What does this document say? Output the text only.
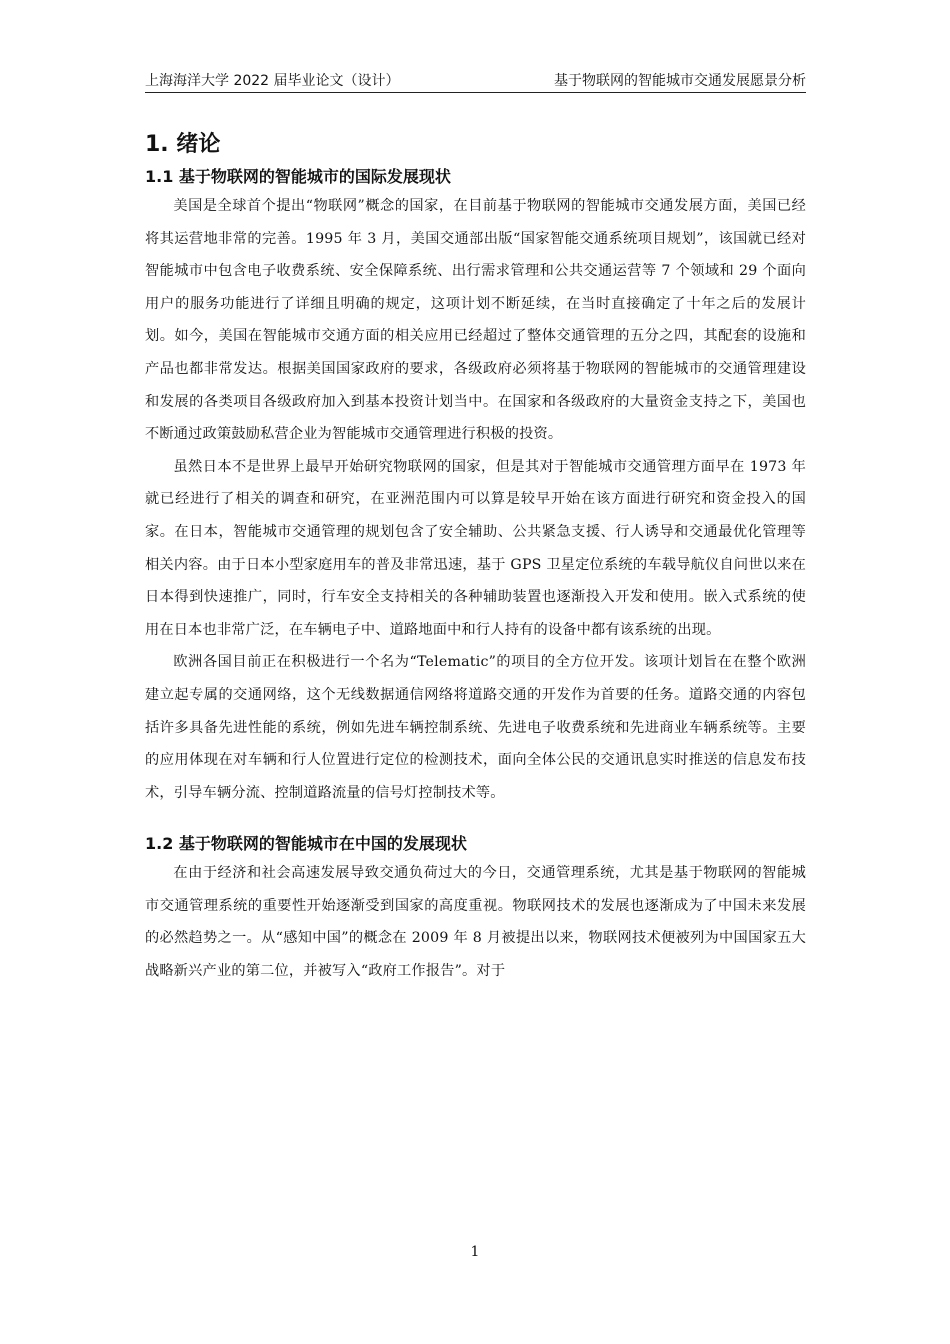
上海海洋大学 2022 届毕业论文（设计）	基于物联网的智能城市交通发展愿景分析
1. 绪论
1.1 基于物联网的智能城市的国际发展现状

美国是全球首个提出“物联网”概念的国家，在目前基于物联网的智能城市交通发展方面，美国已经将其运营地非常的完善。1995 年 3 月，美国交通部出版“国家智能交通系统项目规划”，该国就已经对智能城市中包含电子收费系统、安全保障系统、出行需求管理和公共交通运营等 7 个领域和 29 个面向用户的服务功能进行了详细且明确的规定，这项计划不断延续，在当时直接确定了十年之后的发展计划。如今，美国在智能城市交通方面的相关应用已经超过了整体交通管理的五分之四，其配套的设施和产品也都非常发达。根据美国国家政府的要求，各级政府必须将基于物联网的智能城市的交通管理建设和发展的各类项目各级政府加入到基本投资计划当中。在国家和各级政府的大量资金支持之下，美国也不断通过政策鼓励私营企业为智能城市交通管理进行积极的投资。

虽然日本不是世界上最早开始研究物联网的国家，但是其对于智能城市交通管理方面早在 1973 年就已经进行了相关的调查和研究，在亚洲范围内可以算是较早开始在该方面进行研究和资金投入的国家。在日本，智能城市交通管理的规划包含了安全辅助、公共紧急支援、行人诱导和交通最优化管理等相关内容。由于日本小型家庭用车的普及非常迅速，基于 GPS 卫星定位系统的车载导航仪自问世以来在日本得到快速推广，同时，行车安全支持相关的各种辅助装置也逐渐投入开发和使用。嵌入式系统的使用在日本也非常广泛，在车辆电子中、道路地面中和行人持有的设备中都有该系统的出现。

欧洲各国目前正在积极进行一个名为“Telematic”的项目的全方位开发。该项计划旨在在整个欧洲建立起专属的交通网络，这个无线数据通信网络将道路交通的开发作为首要的任务。道路交通的内容包括许多具备先进性能的系统，例如先进车辆控制系统、先进电子收费系统和先进商业车辆系统等。主要的应用体现在对车辆和行人位置进行定位的检测技术，面向全体公民的交通讯息实时推送的信息发布技术，引导车辆分流、控制道路流量的信号灯控制技术等。

1.2 基于物联网的智能城市在中国的发展现状

在由于经济和社会高速发展导致交通负荷过大的今日，交通管理系统，尤其是基于物联网的智能城市交通管理系统的重要性开始逐渐受到国家的高度重视。物联网技术的发展也逐渐成为了中国未来发展的必然趋势之一。从“感知中国”的概念在 2009 年 8 月被提出以来，物联网技术便被列为中国国家五大战略新兴产业的第二位，并被写入“政府工作报告”。对于

1
